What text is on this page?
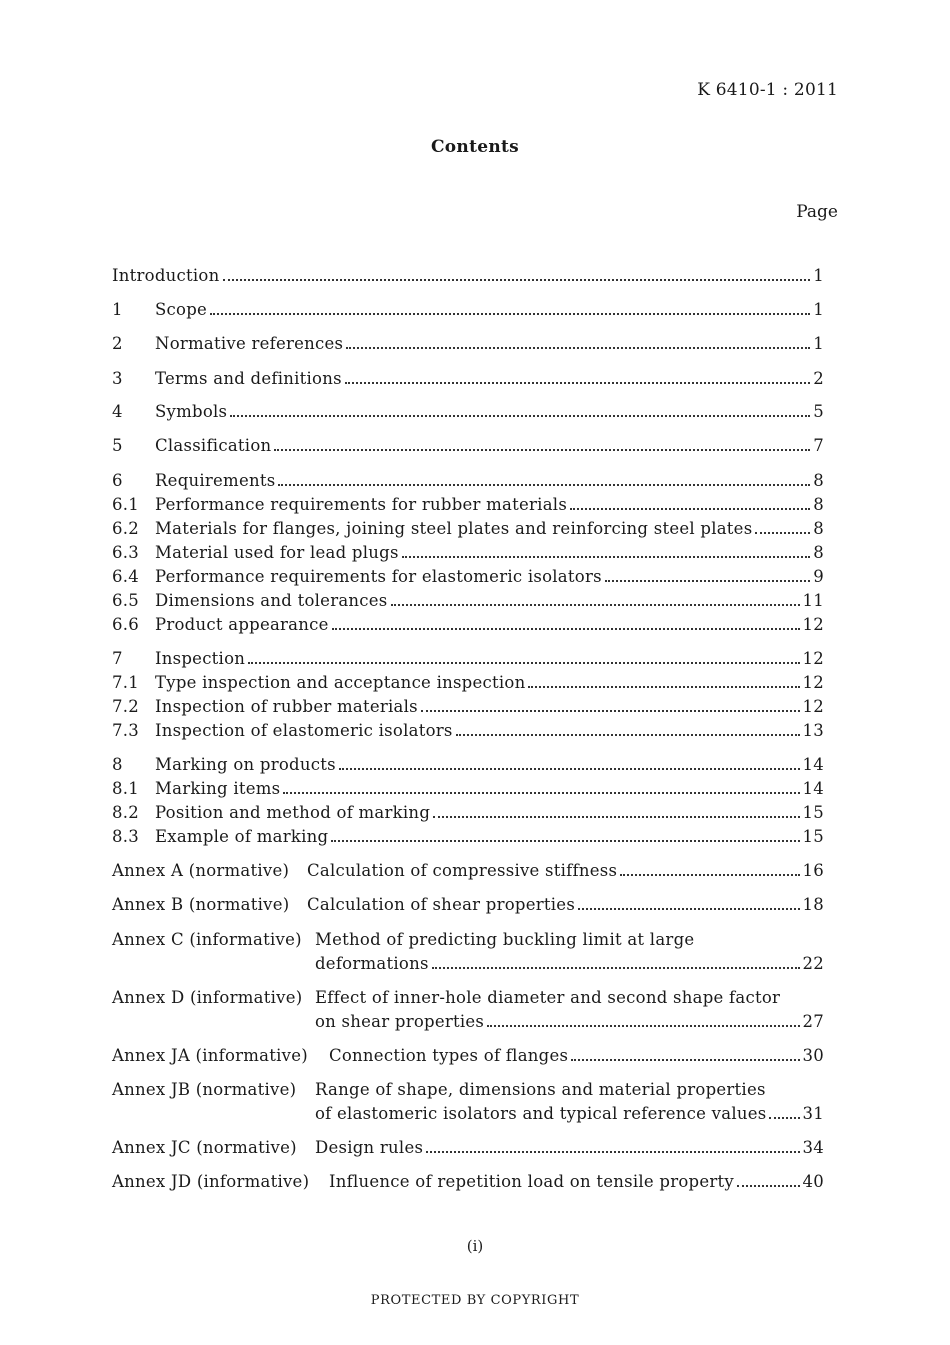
K 6410-1 : 2011
Contents
Page
Introduction	1
1	Scope	1
2	Normative references	1
3	Terms and definitions	2
4	Symbols	5
5	Classification	7
6	Requirements	8
6.1 Performance requirements for rubber materials	8
6.2 Materials for flanges, joining steel plates and reinforcing steel plates	8
6.3 Material used for lead plugs	8
6.4 Performance requirements for elastomeric isolators	9
6.5 Dimensions and tolerances	11
6.6 Product appearance	12
7	Inspection	12
7.1 Type inspection and acceptance inspection	12
7.2 Inspection of rubber materials	12
7.3 Inspection of elastomeric isolators	13
8	Marking on products	14
8.1 Marking items	14
8.2 Position and method of marking	15
8.3 Example of marking	15
Annex A (normative)	Calculation of compressive stiffness	16
Annex B (normative)	Calculation of shear properties	18
Annex C (informative) Method of predicting buckling limit at large
deformations	22
Annex D (informative) Effect of inner-hole diameter and second shape factor
on shear properties	27
Annex JA (informative)	Connection types of flanges	30
Annex JB (normative) Range of shape, dimensions and material properties
of elastomeric isolators and typical reference values 31
Annex JC (normative)	Design rules	34
Annex JD (informative)	Influence of repetition load on tensile property	40
(i)
PROTECTED BY COPYRIGHT
